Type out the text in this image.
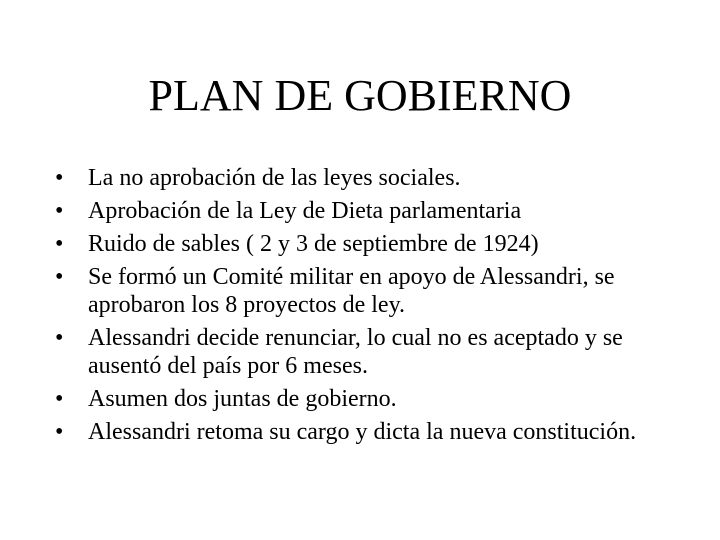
PLAN DE GOBIERNO
• La no aprobación de las leyes sociales.
• Aprobación de la Ley de Dieta parlamentaria
• Ruido de sables ( 2 y 3 de septiembre de 1924)
• Se formó un Comité militar en apoyo de Alessandri, se aprobaron los 8 proyectos de ley.
• Alessandri decide renunciar, lo cual no es aceptado y se ausentó del país por 6 meses.
• Asumen dos juntas de gobierno.
• Alessandri retoma su cargo y dicta la nueva constitución.
